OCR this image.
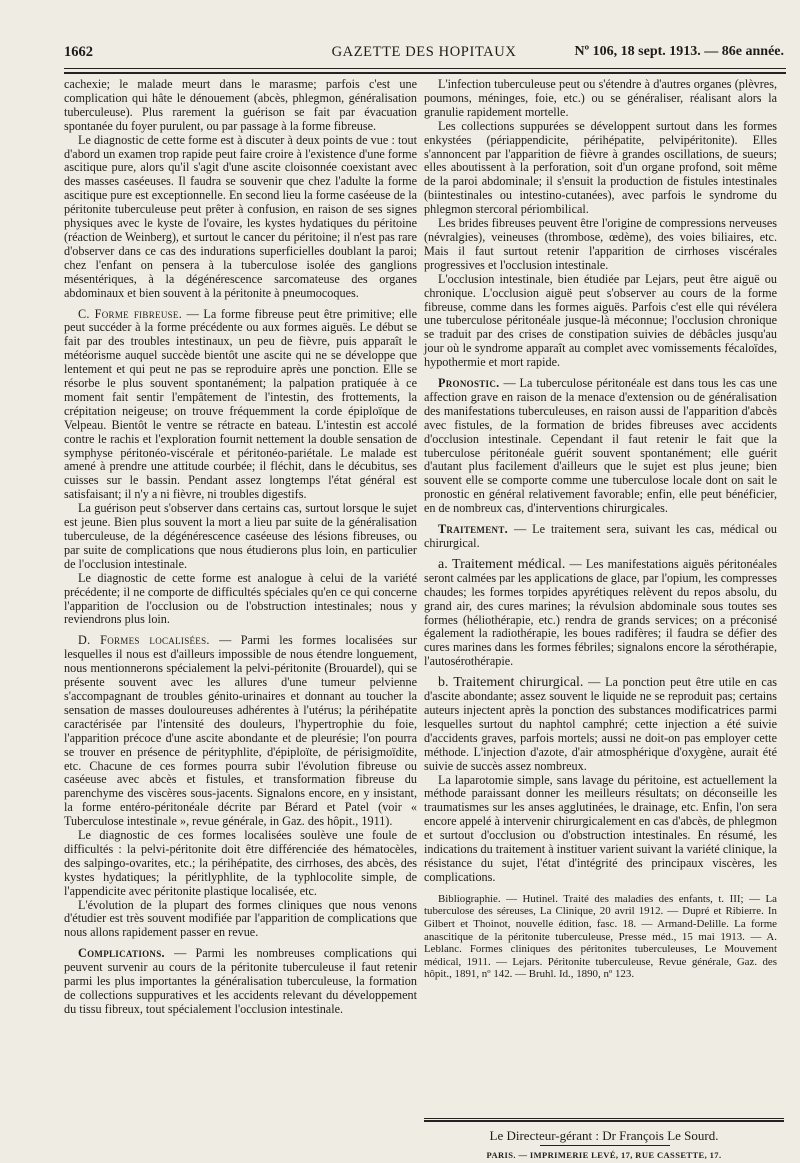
1662	GAZETTE DES HOPITAUX	Nº 106, 18 sept. 1913. — 86e année.

cachexie; le malade meurt dans le marasme; parfois c'est une complication qui hâte le dénouement (abcès, phlegmon, généralisation tuberculeuse). Plus rarement la guérison se fait par évacuation spontanée du foyer purulent, ou par passage à la forme fibreuse.

Le diagnostic de cette forme est à discuter à deux points de vue : tout d'abord un examen trop rapide peut faire croire à l'existence d'une forme ascitique pure, alors qu'il s'agit d'une ascite cloisonnée coexistant avec des masses caséeuses. Il faudra se souvenir que chez l'adulte la forme ascitique pure est exceptionnelle. En second lieu la forme caséeuse de la péritonite tuberculeuse peut prêter à confusion, en raison de ses signes physiques avec le kyste de l'ovaire, les kystes hydatiques du péritoine (réaction de Weinberg), et surtout le cancer du péritoine; il n'est pas rare d'observer dans ce cas des indurations superficielles doublant la paroi; chez l'enfant on pensera à la tuberculose isolée des ganglions mésentériques, à la dégénérescence sarcomateuse des organes abdominaux et bien souvent à la péritonite à pneumocoques.

C. Forme fibreuse. — La forme fibreuse peut être primitive; elle peut succéder à la forme précédente ou aux formes aiguës. Le début se fait par des troubles intestinaux, un peu de fièvre, puis apparaît le météorisme auquel succède bientôt une ascite qui ne se développe que lentement et qui peut ne pas se reproduire après une ponction. Elle se résorbe le plus souvent spontanément; la palpation pratiquée à ce moment fait sentir l'empâtement de l'intestin, des frottements, la crépitation neigeuse; on trouve fréquemment la corde épiploïque de Velpeau. Bientôt le ventre se rétracte en bateau. L'intestin est accolé contre le rachis et l'exploration fournit nettement la double sensation de symphyse péritonéo-viscérale et péritonéo-pariétale. Le malade est amené à prendre une attitude courbée; il fléchit, dans le décubitus, ses cuisses sur le bassin. Pendant assez longtemps l'état général est satisfaisant; il n'y a ni fièvre, ni troubles digestifs.

La guérison peut s'observer dans certains cas, surtout lorsque le sujet est jeune. Bien plus souvent la mort a lieu par suite de la généralisation tuberculeuse, de la dégénérescence caséeuse des lésions fibreuses, ou par suite de complications que nous étudierons plus loin, en particulier de l'occlusion intestinale.

Le diagnostic de cette forme est analogue à celui de la variété précédente; il ne comporte de difficultés spéciales qu'en ce qui concerne l'apparition de l'occlusion ou de l'obstruction intestinales; nous y reviendrons plus loin.

D. Formes localisées. — Parmi les formes localisées sur lesquelles il nous est d'ailleurs impossible de nous étendre longuement, nous mentionnerons spécialement la pelvi-péritonite (Brouardel), qui se présente souvent avec les allures d'une tumeur pelvienne s'accompagnant de troubles génito-urinaires et donnant au toucher la sensation de masses douloureuses adhérentes à l'utérus; la périhépatite caractérisée par l'intensité des douleurs, l'hypertrophie du foie, l'apparition précoce d'une ascite abondante et de pleurésie; l'on pourra se trouver en présence de pérityphlite, d'épiploïte, de périsigmoïdite, etc. Chacune de ces formes pourra subir l'évolution fibreuse ou caséeuse avec abcès et fistules, et transformation fibreuse du parenchyme des viscères sous-jacents. Signalons encore, en y insistant, la forme entéro-péritonéale décrite par Bérard et Patel (voir « Tuberculose intestinale », revue générale, in Gaz. des hôpit., 1911).

Le diagnostic de ces formes localisées soulève une foule de difficultés : la pelvi-péritonite doit être différenciée des hématocèles, des salpingo-ovarites, etc.; la périhépatite, des cirrhoses, des abcès, des kystes hydatiques; la péritlyphlite, de la typhlocolite simple, de l'appendicite avec péritonite plastique localisée, etc.

L'évolution de la plupart des formes cliniques que nous venons d'étudier est très souvent modifiée par l'apparition de complications que nous allons rapidement passer en revue.

Complications. — Parmi les nombreuses complications qui peuvent survenir au cours de la péritonite tuberculeuse il faut retenir parmi les plus importantes la généralisation tuberculeuse, la formation de collections suppuratives et les accidents relevant du développement du tissu fibreux, tout spécialement l'occlusion intestinale.

L'infection tuberculeuse peut ou s'étendre à d'autres organes (plèvres, poumons, méninges, foie, etc.) ou se généraliser, réalisant alors la granulie rapidement mortelle.

Les collections suppurées se développent surtout dans les formes enkystées (périappendicite, périhépatite, pelvipéritonite). Elles s'annoncent par l'apparition de fièvre à grandes oscillations, de sueurs; elles aboutissent à la perforation, soit d'un organe profond, soit même de la paroi abdominale; il s'ensuit la production de fistules intestinales (biintestinales ou intestino-cutanées), avec parfois le syndrome du phlegmon stercoral périombilical.

Les brides fibreuses peuvent être l'origine de compressions nerveuses (névralgies), veineuses (thrombose, œdème), des voies biliaires, etc. Mais il faut surtout retenir l'apparition de cirrhoses viscérales progressives et l'occlusion intestinale.

L'occlusion intestinale, bien étudiée par Lejars, peut être aiguë ou chronique. L'occlusion aiguë peut s'observer au cours de la forme fibreuse, comme dans les formes aiguës. Parfois c'est elle qui révélera une tuberculose péritonéale jusque-là méconnue; l'occlusion chronique se traduit par des crises de constipation suivies de débâcles jusqu'au jour où le syndrome apparaît au complet avec vomissements fécaloïdes, hypothermie et mort rapide.

Pronostic. — La tuberculose péritonéale est dans tous les cas une affection grave en raison de la menace d'extension ou de généralisation des manifestations tuberculeuses, en raison aussi de l'apparition d'abcès avec fistules, de la formation de brides fibreuses avec accidents d'occlusion intestinale. Cependant il faut retenir le fait que la tuberculose péritonéale guérit souvent spontanément; elle guérit d'autant plus facilement d'ailleurs que le sujet est plus jeune; bien souvent elle se comporte comme une tuberculose locale dont on sait le pronostic en général relativement favorable; enfin, elle peut bénéficier, en de nombreux cas, d'interventions chirurgicales.

Traitement. — Le traitement sera, suivant les cas, médical ou chirurgical.

a. Traitement médical. — Les manifestations aiguës péritonéales seront calmées par les applications de glace, par l'opium, les compresses chaudes; les formes torpides apyrétiques relèvent du repos absolu, du grand air, des cures marines; la révulsion abdominale sous toutes ses formes (héliothérapie, etc.) rendra de grands services; on a préconisé également la radiothérapie, les boues radifères; il faudra se défier des cures marines dans les formes fébriles; signalons encore la sérothérapie, l'autosérothérapie.

b. Traitement chirurgical. — La ponction peut être utile en cas d'ascite abondante; assez souvent le liquide ne se reproduit pas; certains auteurs injectent après la ponction des substances modificatrices parmi lesquelles surtout du naphtol camphré; cette injection a été suivie d'accidents graves, parfois mortels; aussi ne doit-on pas employer cette méthode. L'injection d'azote, d'air atmosphérique d'oxygène, aurait été suivie de succès assez nombreux.

La laparotomie simple, sans lavage du péritoine, est actuellement la méthode paraissant donner les meilleurs résultats; on déconseille les traumatismes sur les anses agglutinées, le drainage, etc. Enfin, l'on sera encore appelé à intervenir chirurgicalement en cas d'abcès, de phlegmon et surtout d'occlusion ou d'obstruction intestinales. En résumé, les indications du traitement à instituer varient suivant la variété clinique, la résistance du sujet, l'état d'intégrité des principaux viscères, les complications.

Bibliographie. — Hutinel. Traité des maladies des enfants, t. III; — La tuberculose des séreuses, La Clinique, 20 avril 1912. — Dupré et Ribierre. In Gilbert et Thoinot, nouvelle édition, fasc. 18. — Armand-Delille. La forme anascitique de la péritonite tuberculeuse, Presse méd., 15 mai 1913. — A. Leblanc. Formes cliniques des péritonites tuberculeuses, Le Mouvement médical, 1911. — Lejars. Péritonite tuberculeuse, Revue générale, Gaz. des hôpit., 1891, nº 142. — Bruhl. Id., 1890, nº 123.

Le Directeur-gérant : Dr François Le Sourd.
PARIS. — IMPRIMERIE LEVÉ, 17, RUE CASSETTE, 17.
